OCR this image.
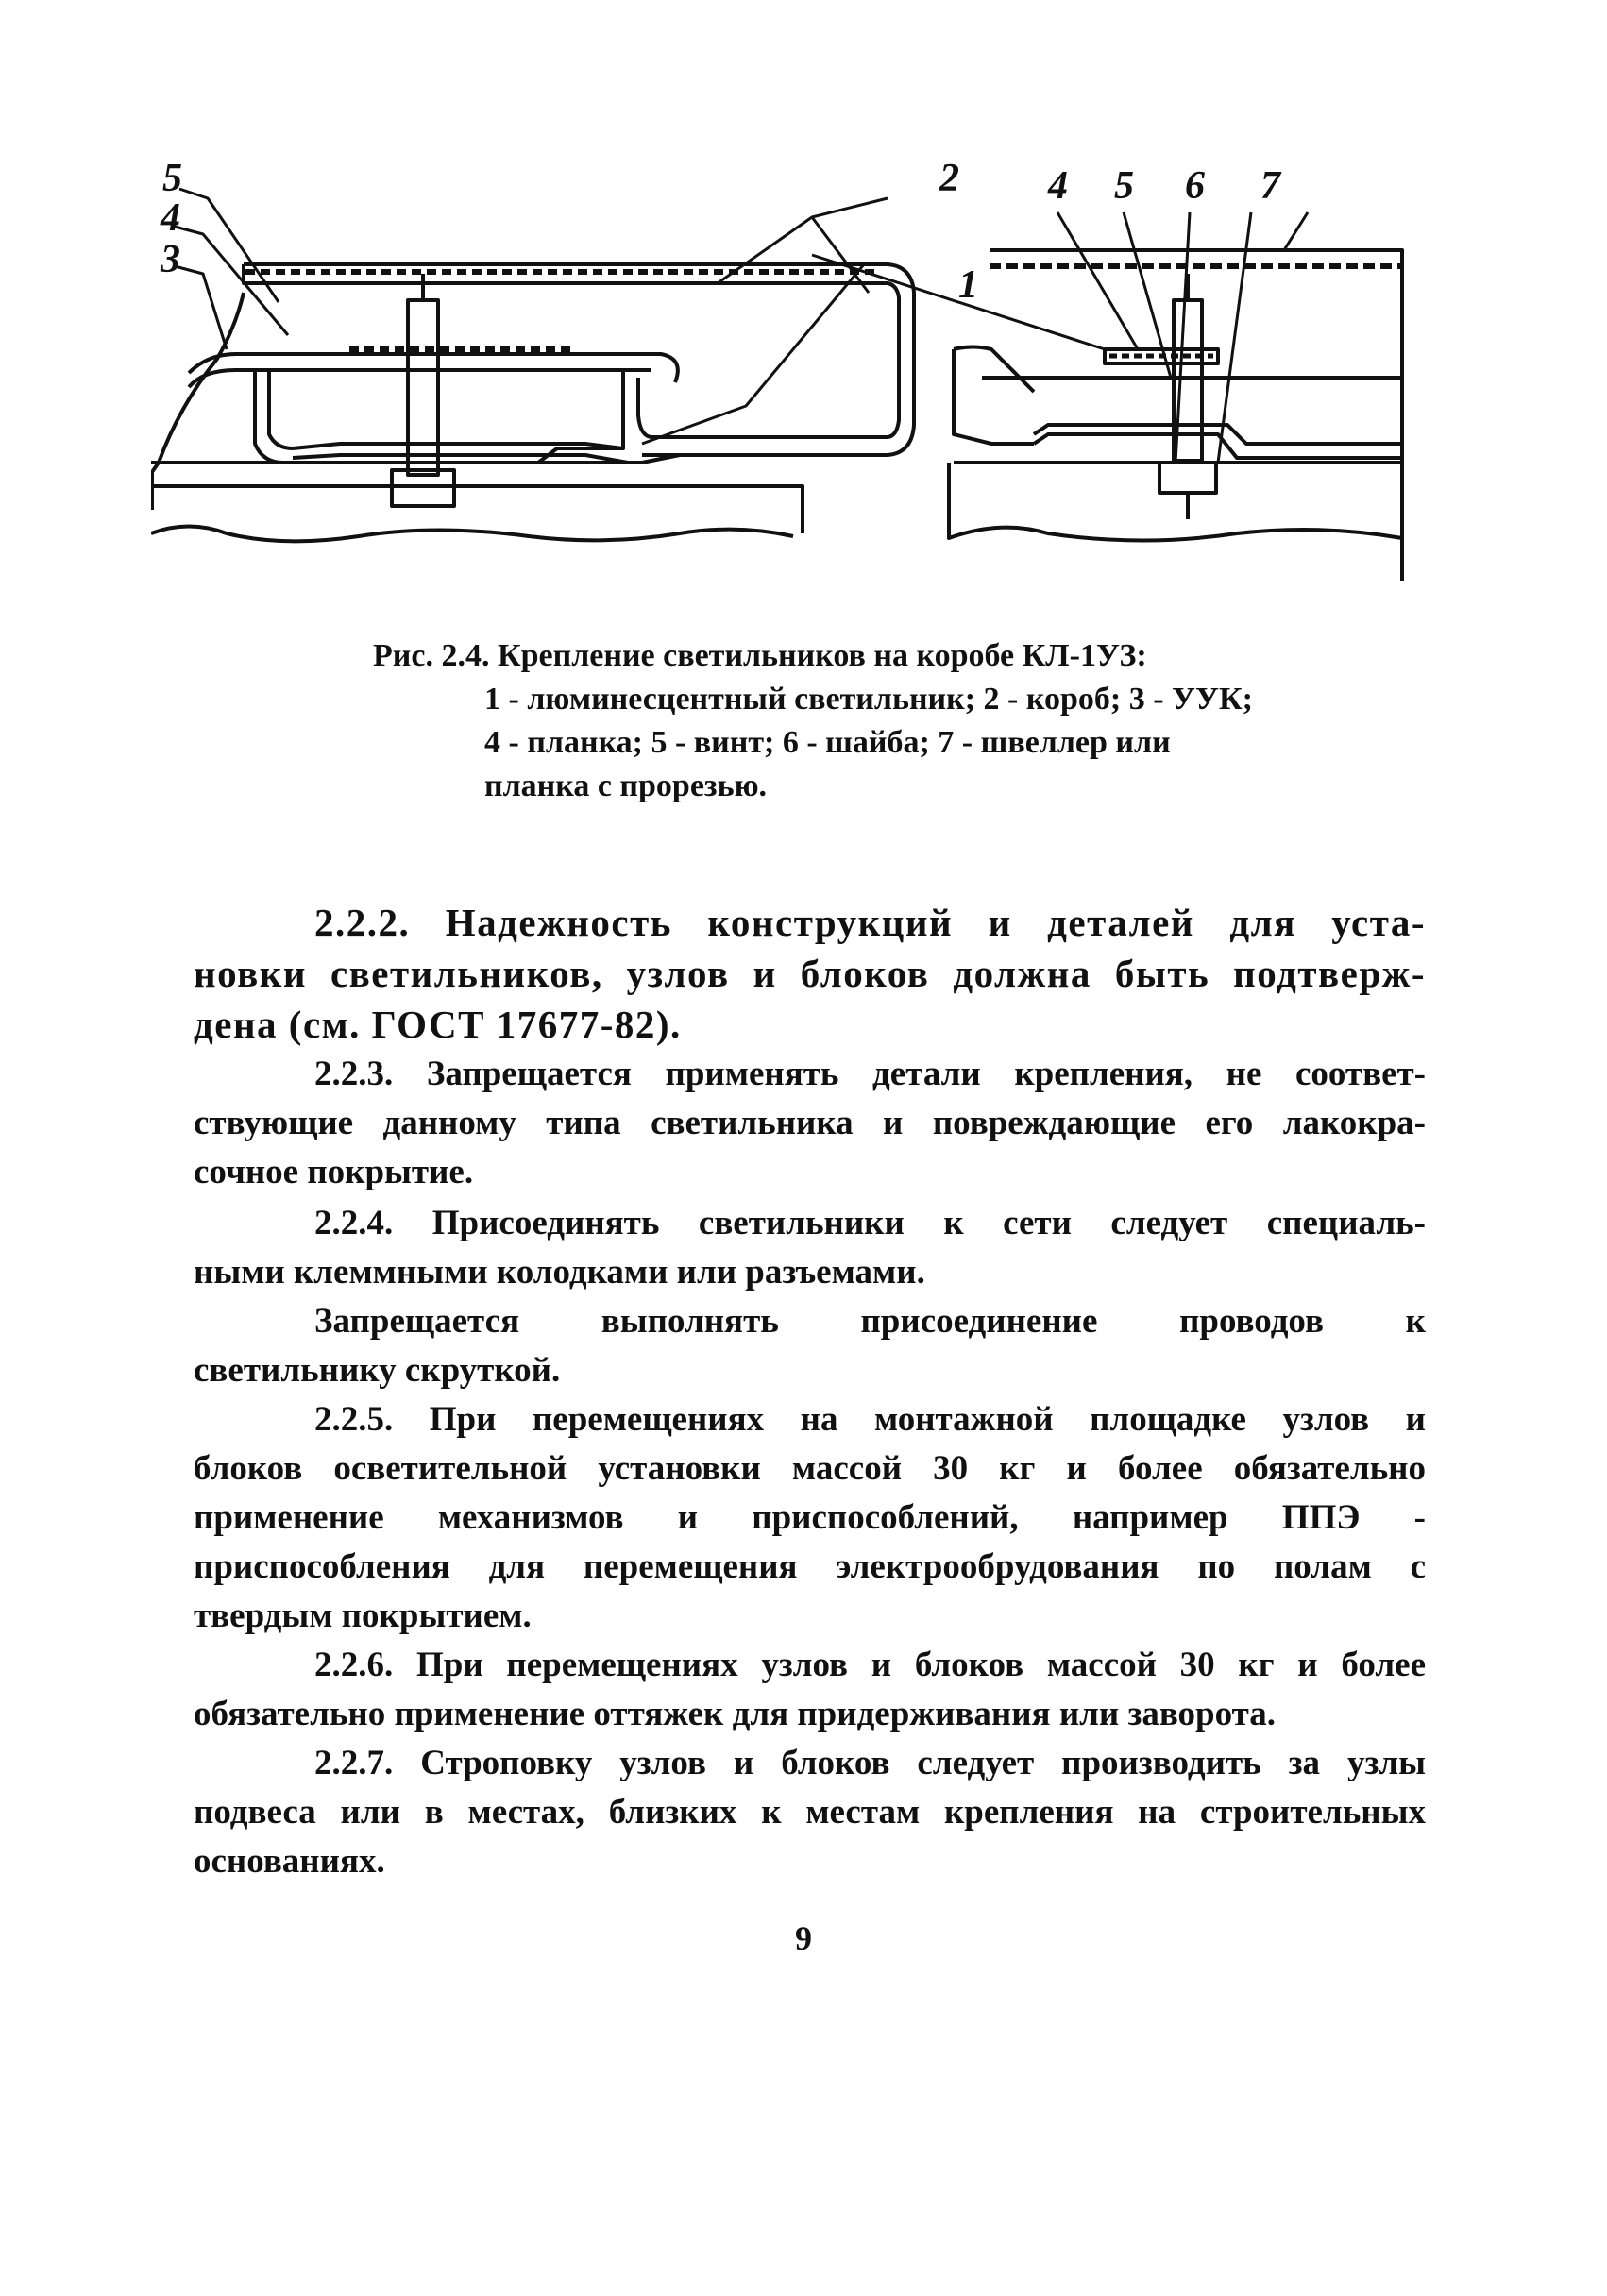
5
4
3
2 4 5 6 7
1
Рис. 2.4. Крепление светильников на коробе КЛ-1УЗ:
1 - люминесцентный светильник; 2 - короб; 3 - УУК;
4 - планка; 5 - винт; 6 - шайба; 7 - швеллер или
планка с прорезью.
2.2.2. Надежность конструкций и деталей для уста-
новки светильников, узлов и блоков должна быть подтверж-
дена (см. ГОСТ 17677-82).
2.2.3. Запрещается применять детали крепления, не соответ-
ствующие данному типа светильника и повреждающие его лакокра-
сочное покрытие.
2.2.4. Присоединять светильники к сети следует специаль-
ными клеммными колодками или разъемами.
Запрещается выполнять присоединение проводов к
светильнику скруткой.
2.2.5. При перемещениях на монтажной площадке узлов и
блоков осветительной установки массой 30 кг и более обязательно
применение механизмов и приспособлений, например ППЭ -
приспособления для перемещения электрообрудования по полам с
твердым покрытием.
2.2.6. При перемещениях узлов и блоков массой 30 кг и более
обязательно применение оттяжек для придерживания или заворота.
2.2.7. Строповку узлов и блоков следует производить за узлы
подвеса или в местах, близких к местам крепления на строительных
основаниях.
9
